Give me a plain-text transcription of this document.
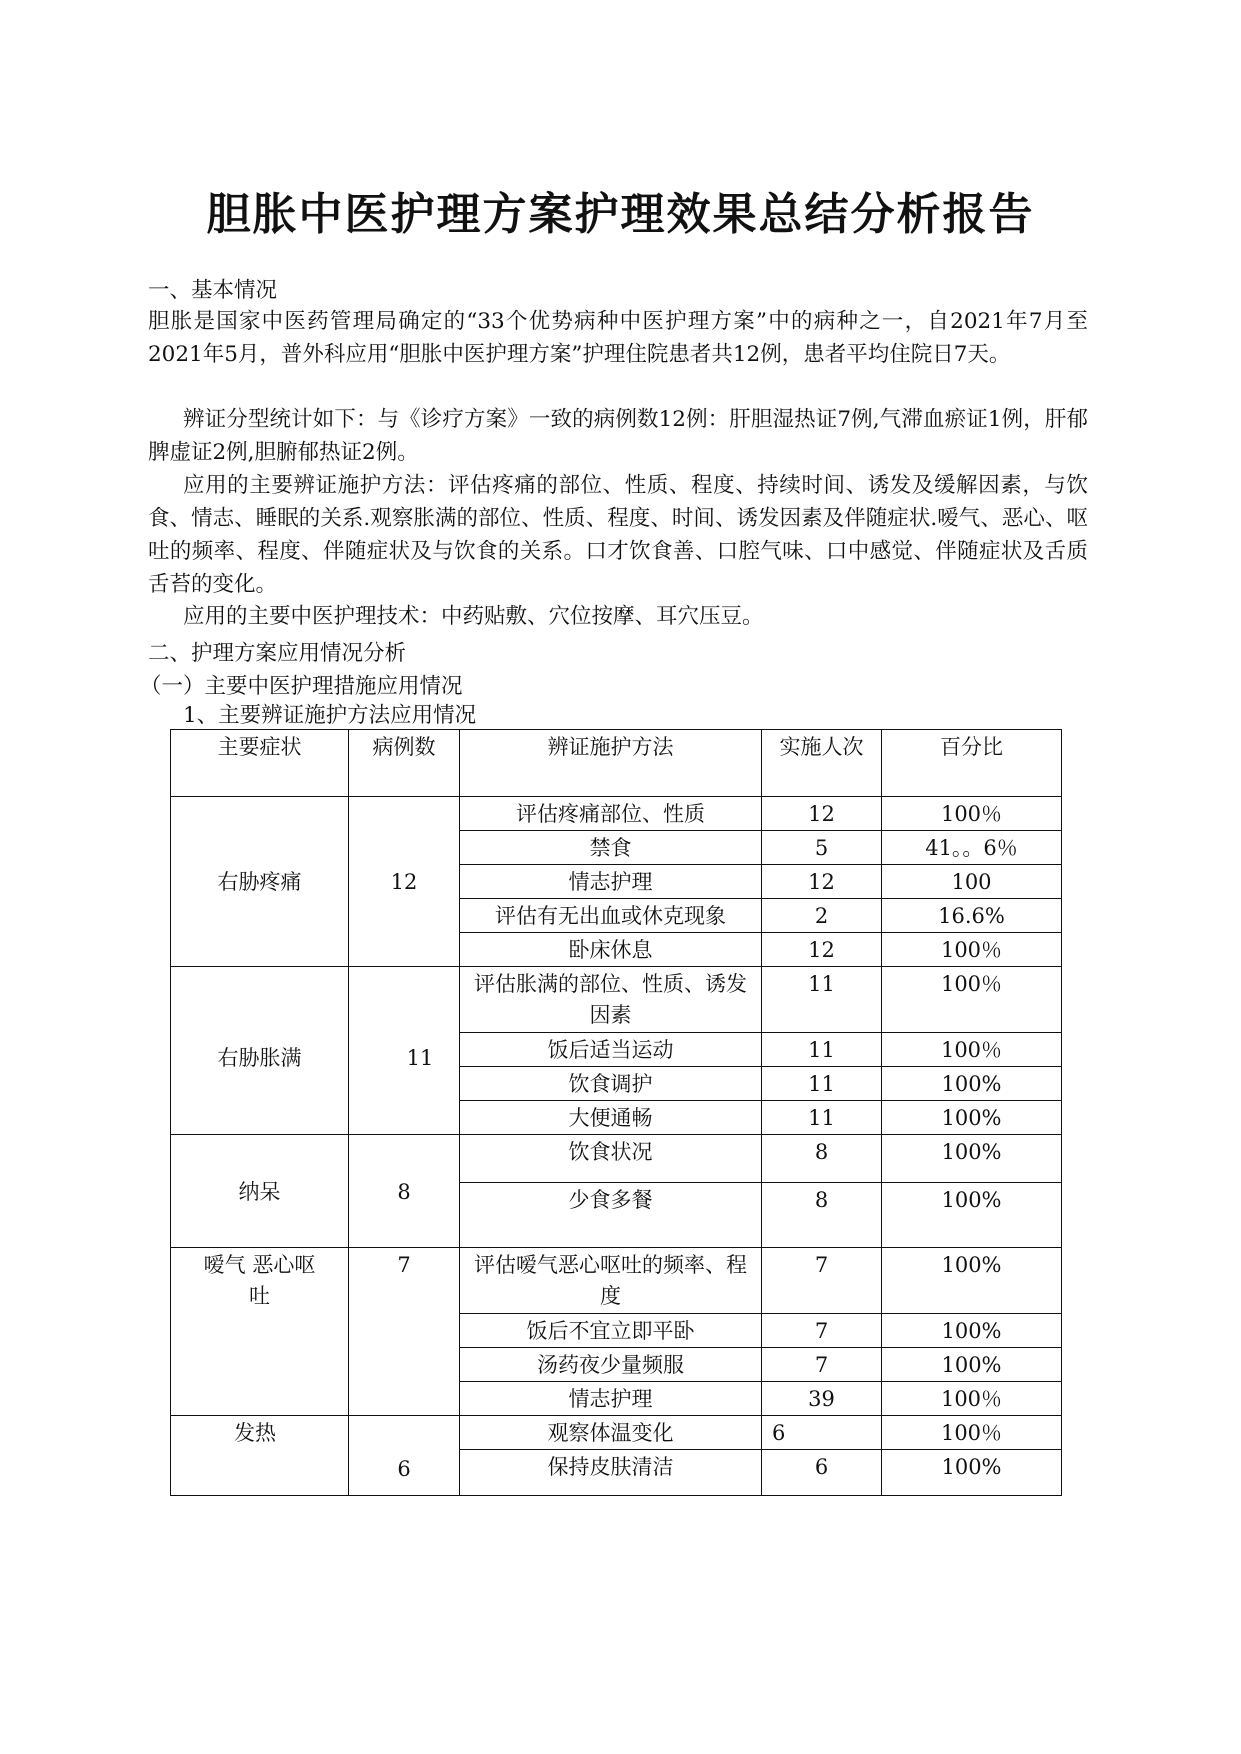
胆胀中医护理方案护理效果总结分析报告
一、基本情况

胆胀是国家中医药管理局确定的“33个优势病种中医护理方案”中的病种之一，自2021年7月至2021年5月，普外科应用“胆胀中医护理方案”护理住院患者共12例，患者平均住院日7天。

辨证分型统计如下：与《诊疗方案》一致的病例数12例：肝胆湿热证7例,气滞血瘀证1例，肝郁脾虚证2例,胆腑郁热证2例。

应用的主要辨证施护方法：评估疼痛的部位、性质、程度、持续时间、诱发及缓解因素，与饮食、情志、睡眠的关系.观察胀满的部位、性质、程度、时间、诱发因素及伴随症状.嗳气、恶心、呕吐的频率、程度、伴随症状及与饮食的关系。口才饮食善、口腔气味、口中感觉、伴随症状及舌质舌苔的变化。

应用的主要中医护理技术：中药贴敷、穴位按摩、耳穴压豆。

二、护理方案应用情况分析
（一）主要中医护理措施应用情况
1、主要辨证施护方法应用情况
主要症状	病例数	辨证施护方法	实施人次	百分比
右胁疼痛	12	评估疼痛部位、性质	12	100％
		禁食	5	41。。6％
		情志护理	12	100
		评估有无出血或休克现象	2	16.6%
		卧床休息	12	100％
右胁胀满	11	评估胀满的部位、性质、诱发因素	11	100％
		饭后适当运动	11	100％
		饮食调护	11	100%
		大便通畅	11	100%
纳呆	8	饮食状况	8	100%
		少食多餐	8	100%
嗳气 恶心呕吐	7	评估嗳气恶心呕吐的频率、程度	7	100%
		饭后不宜立即平卧	7	100%
		汤药夜少量频服	7	100%
		情志护理	39	100％
发热	6	观察体温变化	6	100％
		保持皮肤清洁	6	100%
